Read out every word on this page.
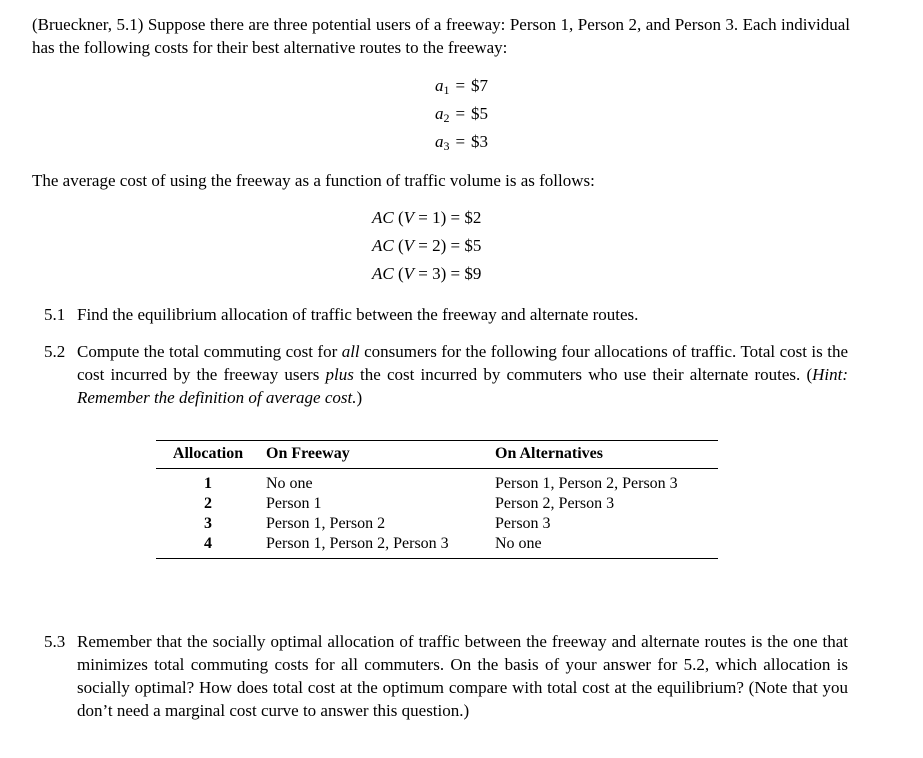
(Brueckner, 5.1) Suppose there are three potential users of a freeway: Person 1, Person 2, and Person 3. Each individual has the following costs for their best alternative routes to the freeway:
a 1 = $7
a 2 = $5
a 3 = $3
The average cost of using the freeway as a function of traffic volume is as follows:
AC ( V = 1 ) = $2
AC ( V = 2 ) = $5
AC ( V = 3 ) = $9
5.1 Find the equilibrium allocation of traffic between the freeway and alternate routes.
5.2 Compute the total commuting cost for all consumers for the following four allocations of traffic. Total cost is the cost incurred by the freeway users plus the cost incurred by commuters who use their alternate routes. (Hint: Remember the definition of average cost.)
Allocation	On Freeway	On Alternatives
1	No one	Person 1, Person 2, Person 3
2	Person 1	Person 2, Person 3
3	Person 1, Person 2	Person 3
4	Person 1, Person 2, Person 3	No one
5.3 Remember that the socially optimal allocation of traffic between the freeway and alternate routes is the one that minimizes total commuting costs for all commuters. On the basis of your answer for 5.2, which allocation is socially optimal? How does total cost at the optimum compare with total cost at the equilibrium? (Note that you don’t need a marginal cost curve to answer this question.)
